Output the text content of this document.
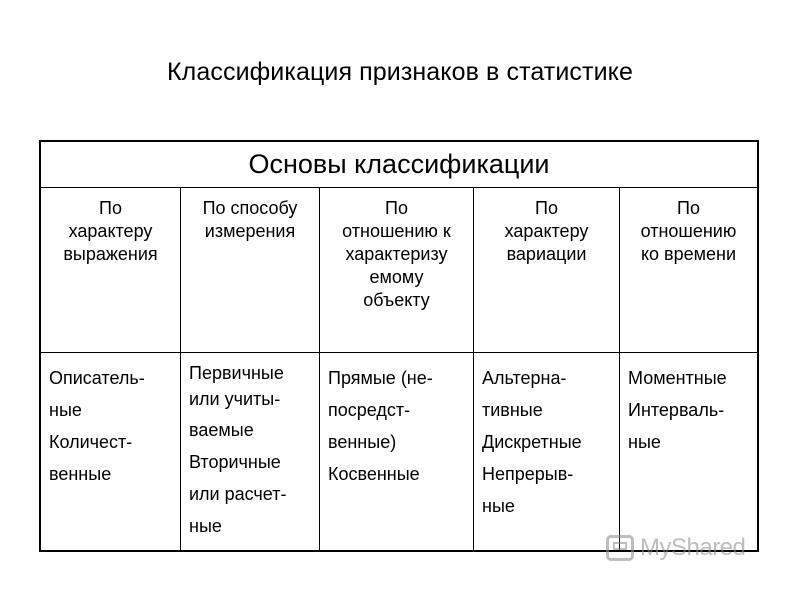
Классификация признаков в статистике
Основы классификации
По
характеру
выражения
По способу
измерения
По
отношению к
характеризу
емому
объекту
По
характеру
вариации
По
отношению
ко времени
Описатель-
ные
Количест-
венные
Первичные
или учиты-
ваемые
Вторичные
или расчет-
ные
Прямые (не-
посредст-
венные)
Косвенные
Альтерна-
тивные
Дискретные
Непрерыв-
ные
Моментные
Интерваль-
ные
MyShared
